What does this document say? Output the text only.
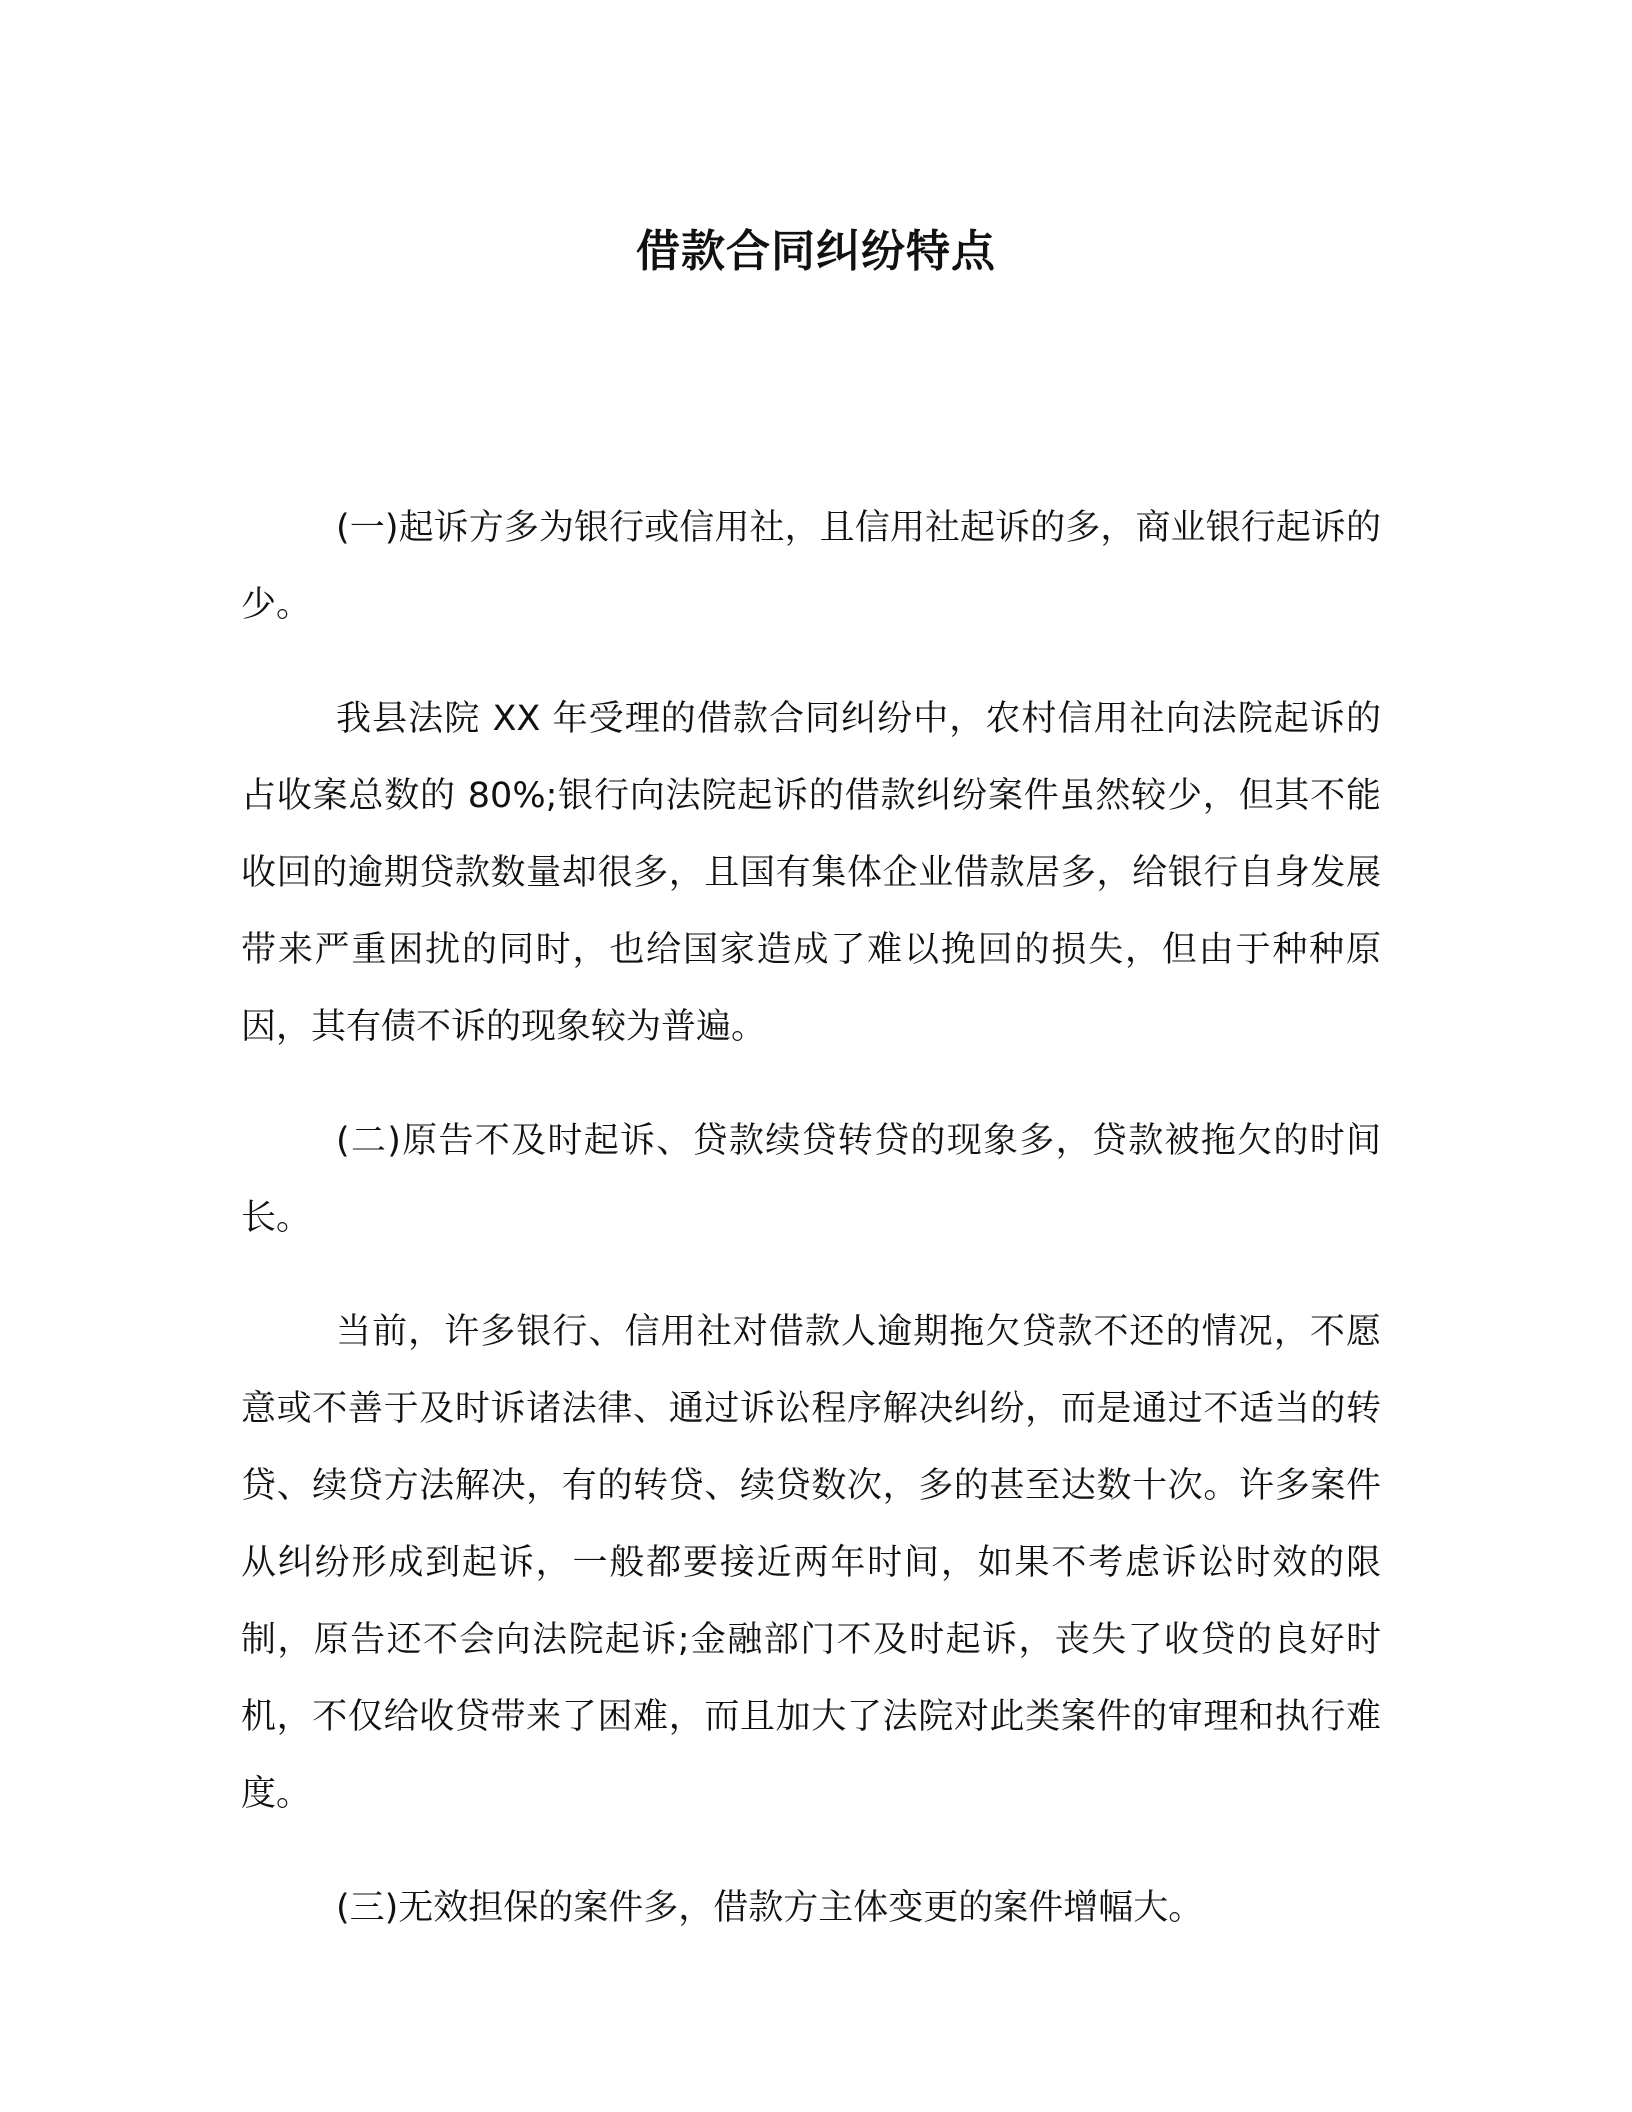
借款合同纠纷特点

(一)起诉方多为银行或信用社，且信用社起诉的多，商业银行起诉的少。

我县法院 XX 年受理的借款合同纠纷中，农村信用社向法院起诉的占收案总数的 80%;银行向法院起诉的借款纠纷案件虽然较少，但其不能收回的逾期贷款数量却很多，且国有集体企业借款居多，给银行自身发展带来严重困扰的同时，也给国家造成了难以挽回的损失，但由于种种原因，其有债不诉的现象较为普遍。

(二)原告不及时起诉、贷款续贷转贷的现象多，贷款被拖欠的时间长。

当前，许多银行、信用社对借款人逾期拖欠贷款不还的情况，不愿意或不善于及时诉诸法律、通过诉讼程序解决纠纷，而是通过不适当的转贷、续贷方法解决，有的转贷、续贷数次，多的甚至达数十次。许多案件从纠纷形成到起诉，一般都要接近两年时间，如果不考虑诉讼时效的限制，原告还不会向法院起诉;金融部门不及时起诉，丧失了收贷的良好时机，不仅给收贷带来了困难，而且加大了法院对此类案件的审理和执行难度。

(三)无效担保的案件多，借款方主体变更的案件增幅大。
